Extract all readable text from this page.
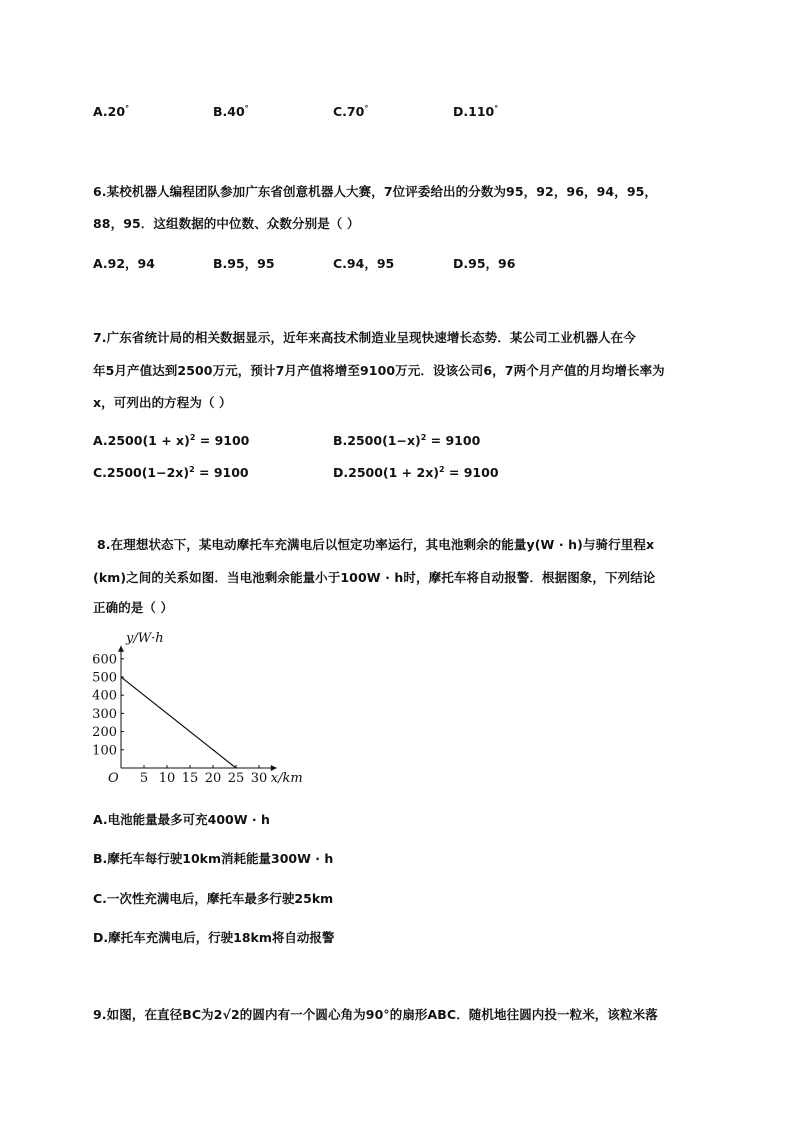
A.20°	B.40°	C.70°	D.110°
6.某校机器人编程团队参加广东省创意机器人大赛，7位评委给出的分数为95，92，96，94，95，
88，95．这组数据的中位数、众数分别是（ ）
A.92，94	B.95，95	C.94，95	D.95，96
7.广东省统计局的相关数据显示，近年来高技术制造业呈现快速增长态势．某公司工业机器人在今
年5月产值达到2500万元，预计7月产值将增至9100万元．设该公司6，7两个月产值的月均增长率为
x，可列出的方程为（ ）
$A.2500(1 + x)^2 = 9100$	$B.2500(1-x)^2 = 9100$
$C.2500(1-2x)^2 = 9100$	$D.2500(1 + 2x)^2 = 9100$
8.在理想状态下，某电动摩托车充满电后以恒定功率运行，其电池剩余的能量y(W · h)与骑行里程x
(km)之间的关系如图．当电池剩余能量小于100W · h时，摩托车将自动报警．根据图象，下列结论
正确的是（ ）
5 10 15 20 25 30
100
200
300
400
500
600
y/W·h
x/km
O
A.电池能量最多可充400W · h
B.摩托车每行驶10km消耗能量300W · h
C.一次性充满电后，摩托车最多行驶25km
D.摩托车充满电后，行驶18km将自动报警
9.如图，在直径BC为2√2的圆内有一个圆心角为90°的扇形ABC．随机地往圆内投一粒米，该粒米落
